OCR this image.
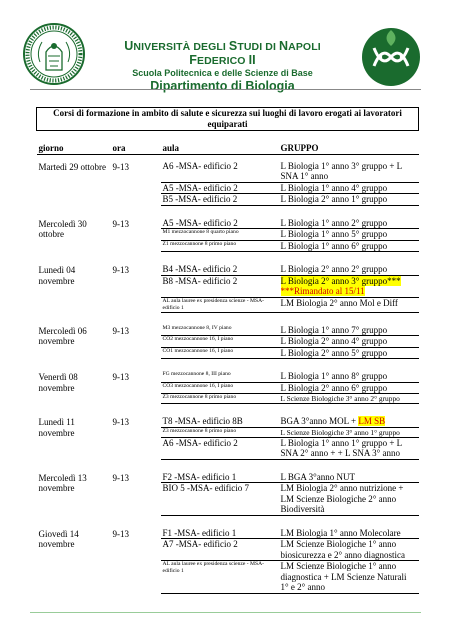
UNIVERSITÀ DEGLI STUDI DI NAPOLI FEDERICO II
Scuola Politecnica e delle Scienze di Base
Dipartimento di Biologia
Corsi di formazione in ambito di salute e sicurezza sui luoghi di lavoro erogati ai lavoratori equiparati			

giorno	ora	aula	GRUPPO

Martedì 29 ottobre	9-13	A6 -MSA- edificio 2	L Biologia 1° anno 3° gruppo + L SNA 1° anno
		A5 -MSA- edificio 2	L Biologia 1° anno 4° gruppo
		B5 -MSA- edificio 2	L Biologia 2° anno 1° gruppo

Mercoledì 30 ottobre	9-13	A5 -MSA- edificio 2	L Biologia 1° anno 2° gruppo
		M1 mezzocannone 8 quarto piano	L Biologia 1° anno 5° gruppo
		Z1 mezzocannone 8 primo piano	L Biologia 1° anno 6° gruppo

Lunedì 04 novembre	9-13	B4 -MSA- edificio 2	L Biologia 2° anno 2° gruppo
		B8 -MSA- edificio 2	L Biologia 2° anno 3° gruppo***
***Rimandato al 15/11
		AL aula lauree ex presidenza scienze - MSA- edificio 1	LM Biologia 2° anno Mol e Diff

Mercoledì 06 novembre	9-13	M3 mezzocannone 8, IV piano	L Biologia 1° anno 7° gruppo
		CO2 mezzocannone 16, I piano	L Biologia 2° anno 4° gruppo
		CO1 mezzocannone 16, I piano	L Biologia 2° anno 5° gruppo

Venerdì 08 novembre	9-13	FG mezzocannone 8, III piano	L Biologia 1° anno 8° gruppo
		CO3 mezzocannone 16, I piano	L Biologia 2° anno 6° gruppo
		Z3 mezzocannone 8 primo piano	L Scienze Biologiche 3° anno 2° gruppo

Lunedì 11 novembre	9-13	T8 -MSA- edificio 8B	BGA 3°anno MOL + LM SB
		Z3 mezzocannone 8 primo piano	L Scienze Biologiche 3° anno 1° gruppo
		A6 -MSA- edificio 2	L Biologia 1° anno 1° gruppo + L SNA 2° anno + + L SNA 3° anno

Mercoledì 13 novembre	9-13	F2 -MSA- edificio 1	L BGA 3°anno NUT
		BIO 5 -MSA- edificio 7	LM Biologia 2° anno nutrizione + LM Scienze Biologiche 2° anno Biodiversità

Giovedì 14 novembre	9-13	F1 -MSA- edificio 1	LM Biologia 1° anno Molecolare
		A7 -MSA- edificio 2	LM Scienze Biologiche 1° anno biosicurezza e 2° anno diagnostica
		AL aula lauree ex presidenza scienze - MSA- edificio 1	LM Scienze Biologiche 1° anno diagnostica + LM Scienze Naturali 1° e 2° anno
